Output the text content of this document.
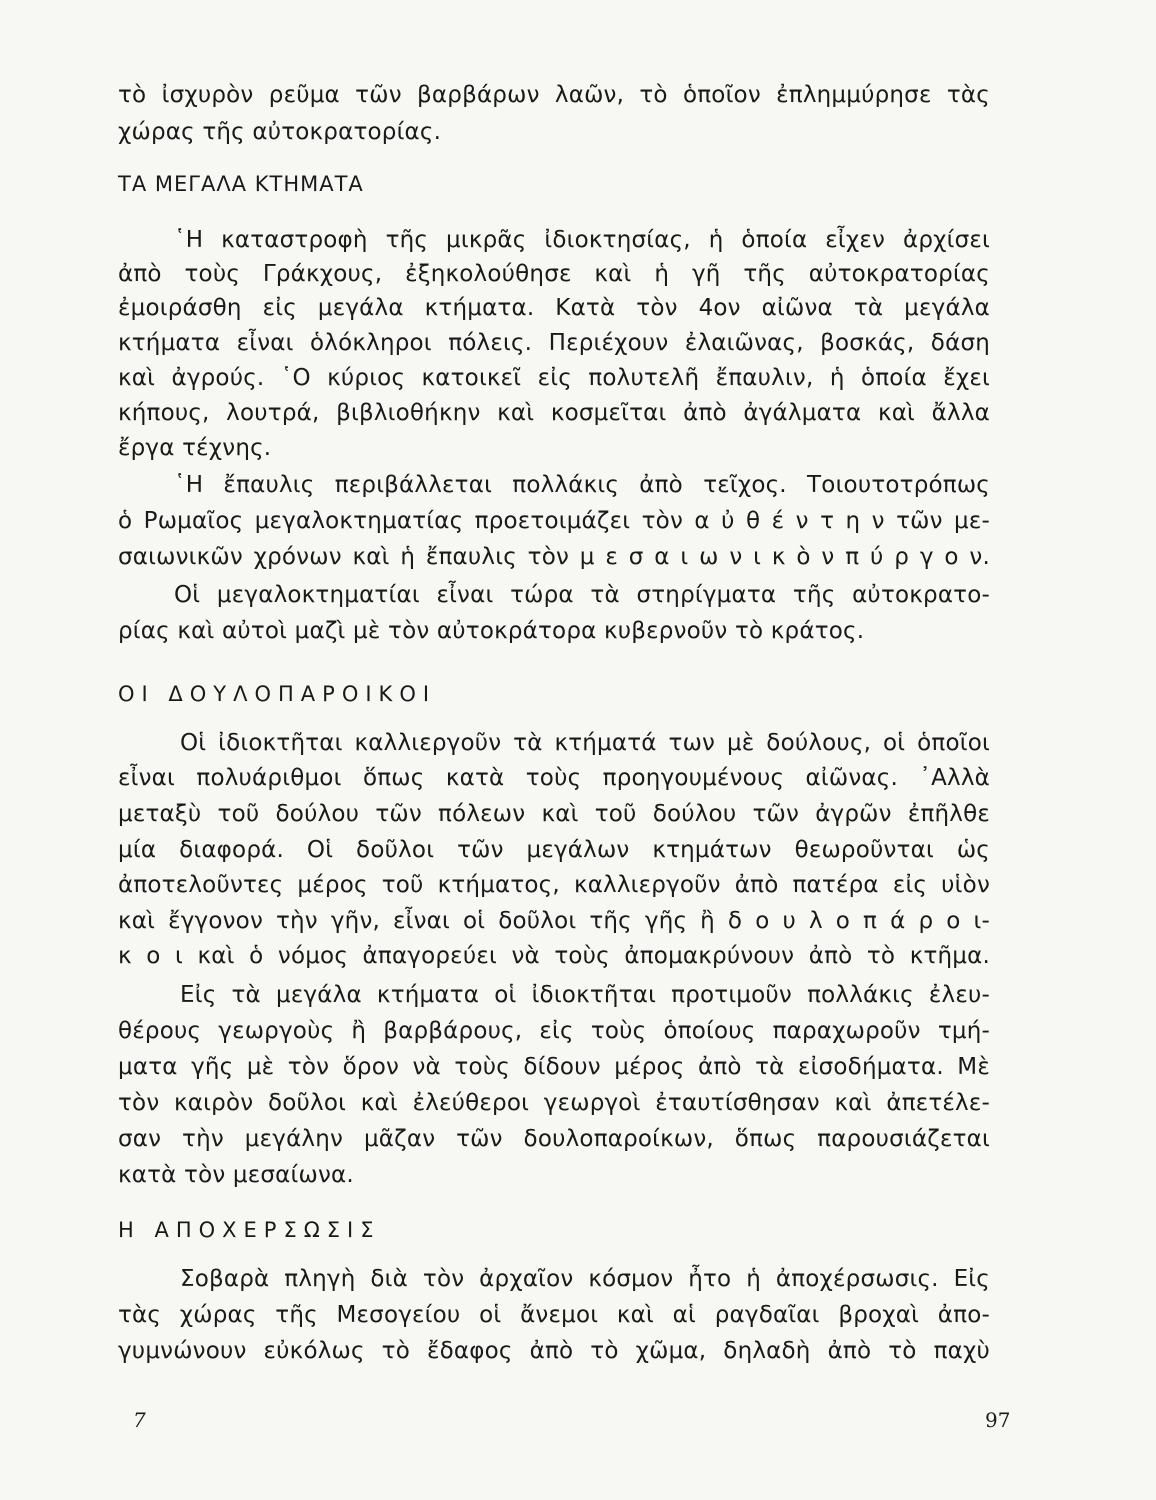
τὸ ἰσχυρὸν ρεῦμα τῶν βαρβάρων λαῶν, τὸ ὁποῖον ἐπλημμύρησε τὰς
χώρας τῆς αὐτοκρατορίας.
ΤΑ ΜΕΓΑΛΑ ΚΤΗΜΑΤΑ
῾Η καταστροφὴ τῆς μικρᾶς ἰδιοκτησίας, ἡ ὁποία εἶχεν ἀρχίσει
ἀπὸ τοὺς Γράκχους, ἐξηκολούθησε καὶ ἡ γῆ τῆς αὐτοκρατορίας
ἐμοιράσθη εἰς μεγάλα κτήματα. Κατὰ τὸν 4ον αἰῶνα τὰ μεγάλα
κτήματα εἶναι ὁλόκληροι πόλεις. Περιέχουν ἐλαιῶνας, βοσκάς, δάση
καὶ ἀγρούς. ῾Ο κύριος κατοικεῖ εἰς πολυτελῆ ἔπαυλιν, ἡ ὁποία ἔχει
κήπους, λουτρά, βιβλιοθήκην καὶ κοσμεῖται ἀπὸ ἀγάλματα καὶ ἄλλα
ἔργα τέχνης.
῾Η ἔπαυλις περιβάλλεται πολλάκις ἀπὸ τεῖχος. Τοιουτοτρόπως
ὁ Ρωμαῖος μεγαλοκτηματίας προετοιμάζει τὸν α ὐ θ έ ν τ η ν τῶν με-
σαιωνικῶν χρόνων καὶ ἡ ἔπαυλις τὸν μ ε σ α ι ω ν ι κ ὸ ν π ύ ρ γ ο ν.
Οἱ μεγαλοκτηματίαι εἶναι τώρα τὰ στηρίγματα τῆς αὐτοκρατο-
ρίας καὶ αὐτοὶ μαζὶ μὲ τὸν αὐτοκράτορα κυβερνοῦν τὸ κράτος.
ΟΙ ΔΟΥΛΟΠΑΡΟΙΚΟΙ
Οἱ ἰδιοκτῆται καλλιεργοῦν τὰ κτήματά των μὲ δούλους, οἱ ὁποῖοι
εἶναι πολυάριθμοι ὅπως κατὰ τοὺς προηγουμένους αἰῶνας. ᾿Αλλὰ
μεταξὺ τοῦ δούλου τῶν πόλεων καὶ τοῦ δούλου τῶν ἀγρῶν ἐπῆλθε
μία διαφορά. Οἱ δοῦλοι τῶν μεγάλων κτημάτων θεωροῦνται ὡς
ἀποτελοῦντες μέρος τοῦ κτήματος, καλλιεργοῦν ἀπὸ πατέρα εἰς υἱὸν
καὶ ἔγγονον τὴν γῆν, εἶναι οἱ δοῦλοι τῆς γῆς ἢ δ ο υ λ ο π ά ρ ο ι-
κ ο ι καὶ ὁ νόμος ἀπαγορεύει νὰ τοὺς ἀπομακρύνουν ἀπὸ τὸ κτῆμα.
Εἰς τὰ μεγάλα κτήματα οἱ ἰδιοκτῆται προτιμοῦν πολλάκις ἐλευ-
θέρους γεωργοὺς ἢ βαρβάρους, εἰς τοὺς ὁποίους παραχωροῦν τμή-
ματα γῆς μὲ τὸν ὅρον νὰ τοὺς δίδουν μέρος ἀπὸ τὰ εἰσοδήματα. Μὲ
τὸν καιρὸν δοῦλοι καὶ ἐλεύθεροι γεωργοὶ ἐταυτίσθησαν καὶ ἀπετέλε-
σαν τὴν μεγάλην μᾶζαν τῶν δουλοπαροίκων, ὅπως παρουσιάζεται
κατὰ τὸν μεσαίωνα.
Η ΑΠΟΧΕΡΣΩΣΙΣ
Σοβαρὰ πληγὴ διὰ τὸν ἀρχαῖον κόσμον ἦτο ἡ ἀποχέρσωσις. Εἰς
τὰς χώρας τῆς Μεσογείου οἱ ἄνεμοι καὶ αἱ ραγδαῖαι βροχαὶ ἀπο-
γυμνώνουν εὐκόλως τὸ ἔδαφος ἀπὸ τὸ χῶμα, δηλαδὴ ἀπὸ τὸ παχὺ
7	97
